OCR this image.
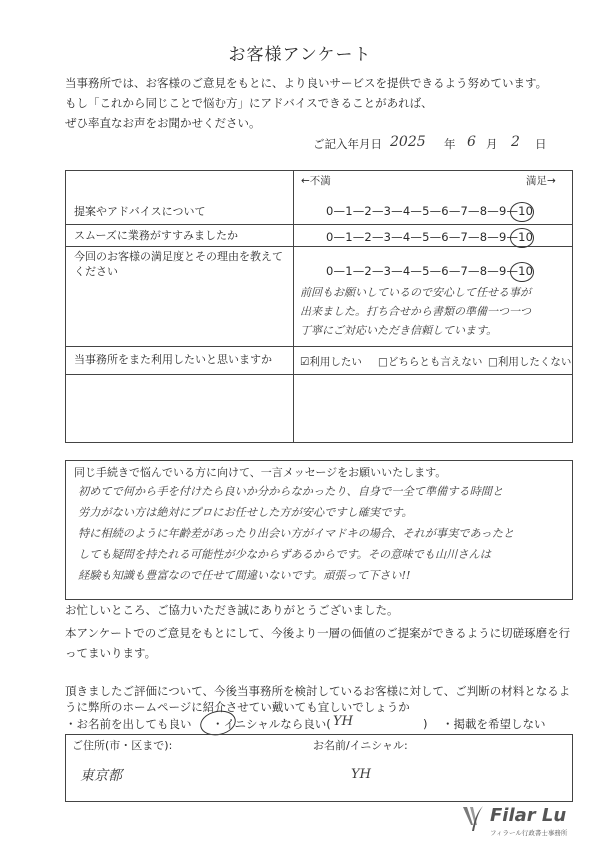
お客様アンケート
当事務所では、お客様のご意見をもとに、より良いサービスを提供できるよう努めています。
もし「これから同じことで悩む方」にアドバイスできることがあれば、
ぜひ率直なお声をお聞かせください。
ご記入年月日 2025 年 6 月 2 日
←不満	満足→
提案やアドバイスについて	0—1—2—3—4—5—6—7—8—9—10
スムーズに業務がすすみましたか	0—1—2—3—4—5—6—7—8—9—10
今回のお客様の満足度とその理由を教えて
ください	0—1—2—3—4—5—6—7—8—9—10
前回もお願いしているので安心して任せる事が
出来ました。打ち合せから書類の準備一つ一つ
丁寧にご対応いただき信頼しています。
当事務所をまた利用したいと思いますか	☑利用したい □どちらとも言えない □利用したくない
同じ手続きで悩んでいる方に向けて、一言メッセージをお願いいたします。
初めてで何から手を付けたら良いか分からなかったり、自身で一全て準備する時間と
労力がない方は絶対にプロにお任せした方が安心ですし確実です。
特に相続のように年齢差があったり出会い方がイマドキの場合、それが事実であったと
しても疑問を持たれる可能性が少なからずあるからです。その意味でも山川さんは
経験も知識も豊富なので任せて間違いないです。頑張って下さい!!
お忙しいところ、ご協力いただき誠にありがとうございました。
本アンケートでのご意見をもとにして、今後より一層の価値のご提案ができるように切磋琢磨を行
ってまいります。
頂きましたご評価について、今後当事務所を検討しているお客様に対して、ご判断の材料となるよ
うに弊所のホームページに紹介させてい戴いても宜しいでしょうか
・お名前を出しても良い ・イニシャルなら良い( YH	) ・掲載を希望しない
ご住所(市・区まで):
東京都
お名前/イニシャル:
YH
Filar Lu
フィラール行政書士事務所
